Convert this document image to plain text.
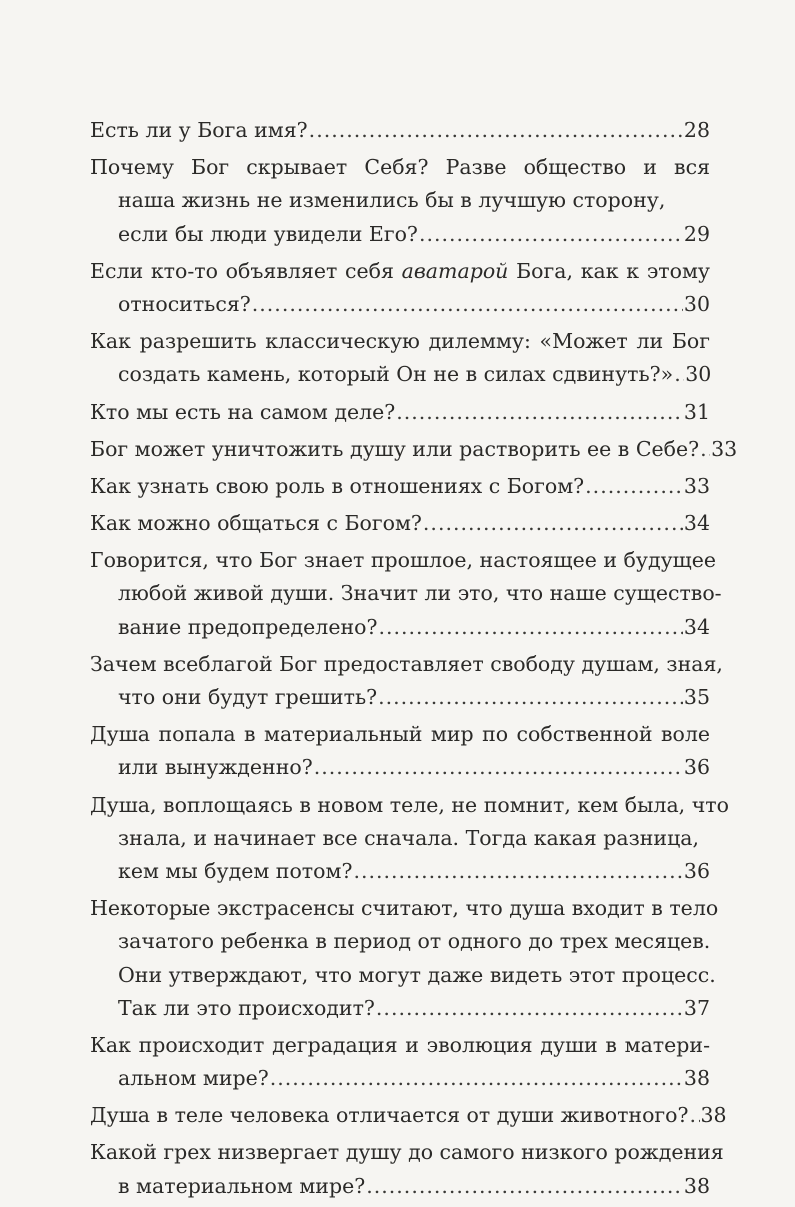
Есть ли у Бога имя? .....	28
Почему Бог скрывает Себя? Разве общество и вся
наша жизнь не изменились бы в лучшую сторону,
если бы люди увидели Его? .....	29
Если кто-то объявляет себя аватарой Бога, как к этому
относиться? .....	30
Как разрешить классическую дилемму: «Может ли Бог
создать камень, который Он не в силах сдвинуть?» ..... 30
Кто мы есть на самом деле? .....	31
Бог может уничтожить душу или растворить ее в Себе? ..... 33
Как узнать свою роль в отношениях с Богом? .....	33
Как можно общаться с Богом? .....	34
Говорится, что Бог знает прошлое, настоящее и будущее
любой живой души. Значит ли это, что наше существо-
вание предопределено? .....	34
Зачем всеблагой Бог предоставляет свободу душам, зная,
что они будут грешить? .....	35
Душа попала в материальный мир по собственной воле
или вынужденно? .....	36
Душа, воплощаясь в новом теле, не помнит, кем была, что
знала, и начинает все сначала. Тогда какая разница,
кем мы будем потом? .....	36
Некоторые экстрасенсы считают, что душа входит в тело
зачатого ребенка в период от одного до трех месяцев.
Они утверждают, что могут даже видеть этот процесс.
Так ли это происходит? .....	37
Как происходит деградация и эволюция души в матери-
альном мире? .....	38
Душа в теле человека отличается от души животного? ..... 38
Какой грех низвергает душу до самого низкого рождения
в материальном мире? .....	38
